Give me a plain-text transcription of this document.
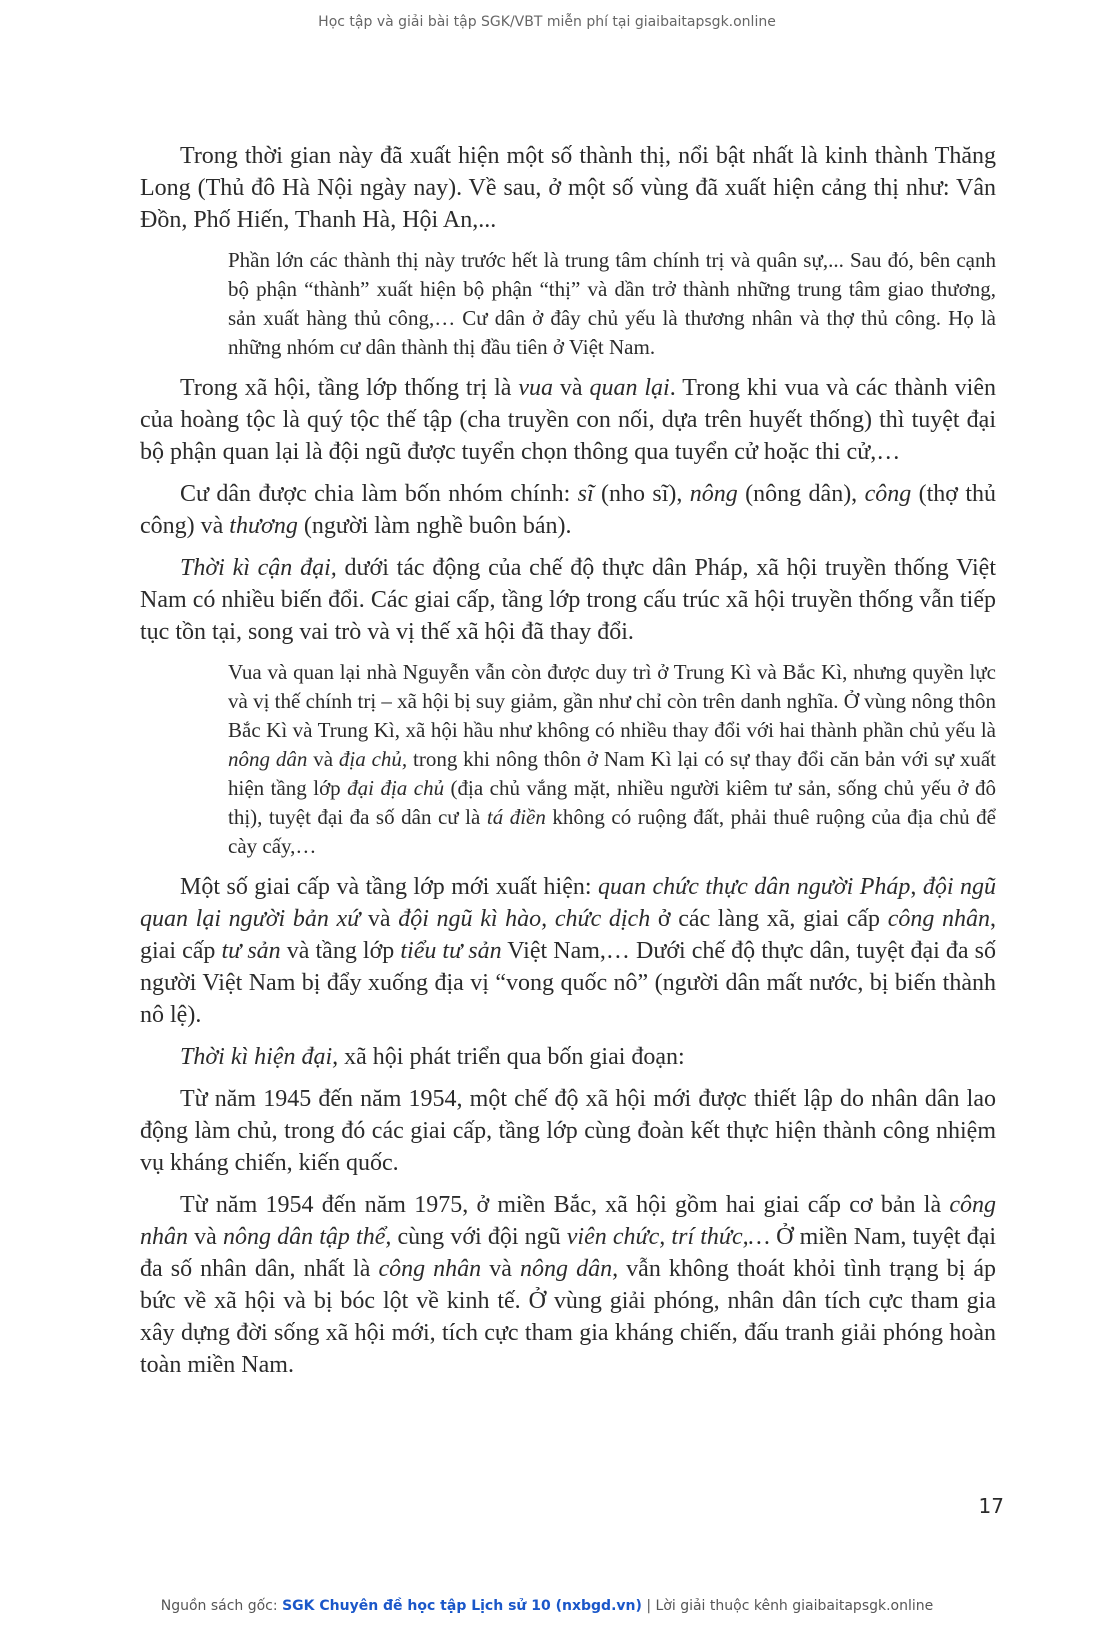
Học tập và giải bài tập SGK/VBT miễn phí tại giaibaitapsgk.online

Trong thời gian này đã xuất hiện một số thành thị, nổi bật nhất là kinh thành Thăng Long (Thủ đô Hà Nội ngày nay). Về sau, ở một số vùng đã xuất hiện cảng thị như: Vân Đồn, Phố Hiến, Thanh Hà, Hội An,...

Phần lớn các thành thị này trước hết là trung tâm chính trị và quân sự,... Sau đó, bên cạnh bộ phận “thành” xuất hiện bộ phận “thị” và dần trở thành những trung tâm giao thương, sản xuất hàng thủ công,… Cư dân ở đây chủ yếu là thương nhân và thợ thủ công. Họ là những nhóm cư dân thành thị đầu tiên ở Việt Nam.

Trong xã hội, tầng lớp thống trị là vua và quan lại. Trong khi vua và các thành viên của hoàng tộc là quý tộc thế tập (cha truyền con nối, dựa trên huyết thống) thì tuyệt đại bộ phận quan lại là đội ngũ được tuyển chọn thông qua tuyển cử hoặc thi cử,…

Cư dân được chia làm bốn nhóm chính: sĩ (nho sĩ), nông (nông dân), công (thợ thủ công) và thương (người làm nghề buôn bán).

Thời kì cận đại, dưới tác động của chế độ thực dân Pháp, xã hội truyền thống Việt Nam có nhiều biến đổi. Các giai cấp, tầng lớp trong cấu trúc xã hội truyền thống vẫn tiếp tục tồn tại, song vai trò và vị thế xã hội đã thay đổi.

Vua và quan lại nhà Nguyễn vẫn còn được duy trì ở Trung Kì và Bắc Kì, nhưng quyền lực và vị thế chính trị – xã hội bị suy giảm, gần như chỉ còn trên danh nghĩa. Ở vùng nông thôn Bắc Kì và Trung Kì, xã hội hầu như không có nhiều thay đổi với hai thành phần chủ yếu là nông dân và địa chủ, trong khi nông thôn ở Nam Kì lại có sự thay đổi căn bản với sự xuất hiện tầng lớp đại địa chủ (địa chủ vắng mặt, nhiều người kiêm tư sản, sống chủ yếu ở đô thị), tuyệt đại đa số dân cư là tá điền không có ruộng đất, phải thuê ruộng của địa chủ để cày cấy,…

Một số giai cấp và tầng lớp mới xuất hiện: quan chức thực dân người Pháp, đội ngũ quan lại người bản xứ và đội ngũ kì hào, chức dịch ở các làng xã, giai cấp công nhân, giai cấp tư sản và tầng lớp tiểu tư sản Việt Nam,… Dưới chế độ thực dân, tuyệt đại đa số người Việt Nam bị đẩy xuống địa vị “vong quốc nô” (người dân mất nước, bị biến thành nô lệ).

Thời kì hiện đại, xã hội phát triển qua bốn giai đoạn:

Từ năm 1945 đến năm 1954, một chế độ xã hội mới được thiết lập do nhân dân lao động làm chủ, trong đó các giai cấp, tầng lớp cùng đoàn kết thực hiện thành công nhiệm vụ kháng chiến, kiến quốc.

Từ năm 1954 đến năm 1975, ở miền Bắc, xã hội gồm hai giai cấp cơ bản là công nhân và nông dân tập thể, cùng với đội ngũ viên chức, trí thức,… Ở miền Nam, tuyệt đại đa số nhân dân, nhất là công nhân và nông dân, vẫn không thoát khỏi tình trạng bị áp bức về xã hội và bị bóc lột về kinh tế. Ở vùng giải phóng, nhân dân tích cực tham gia xây dựng đời sống xã hội mới, tích cực tham gia kháng chiến, đấu tranh giải phóng hoàn toàn miền Nam.

17
Nguồn sách gốc: SGK Chuyên đề học tập Lịch sử 10 (nxbgd.vn) | Lời giải thuộc kênh giaibaitapsgk.online
